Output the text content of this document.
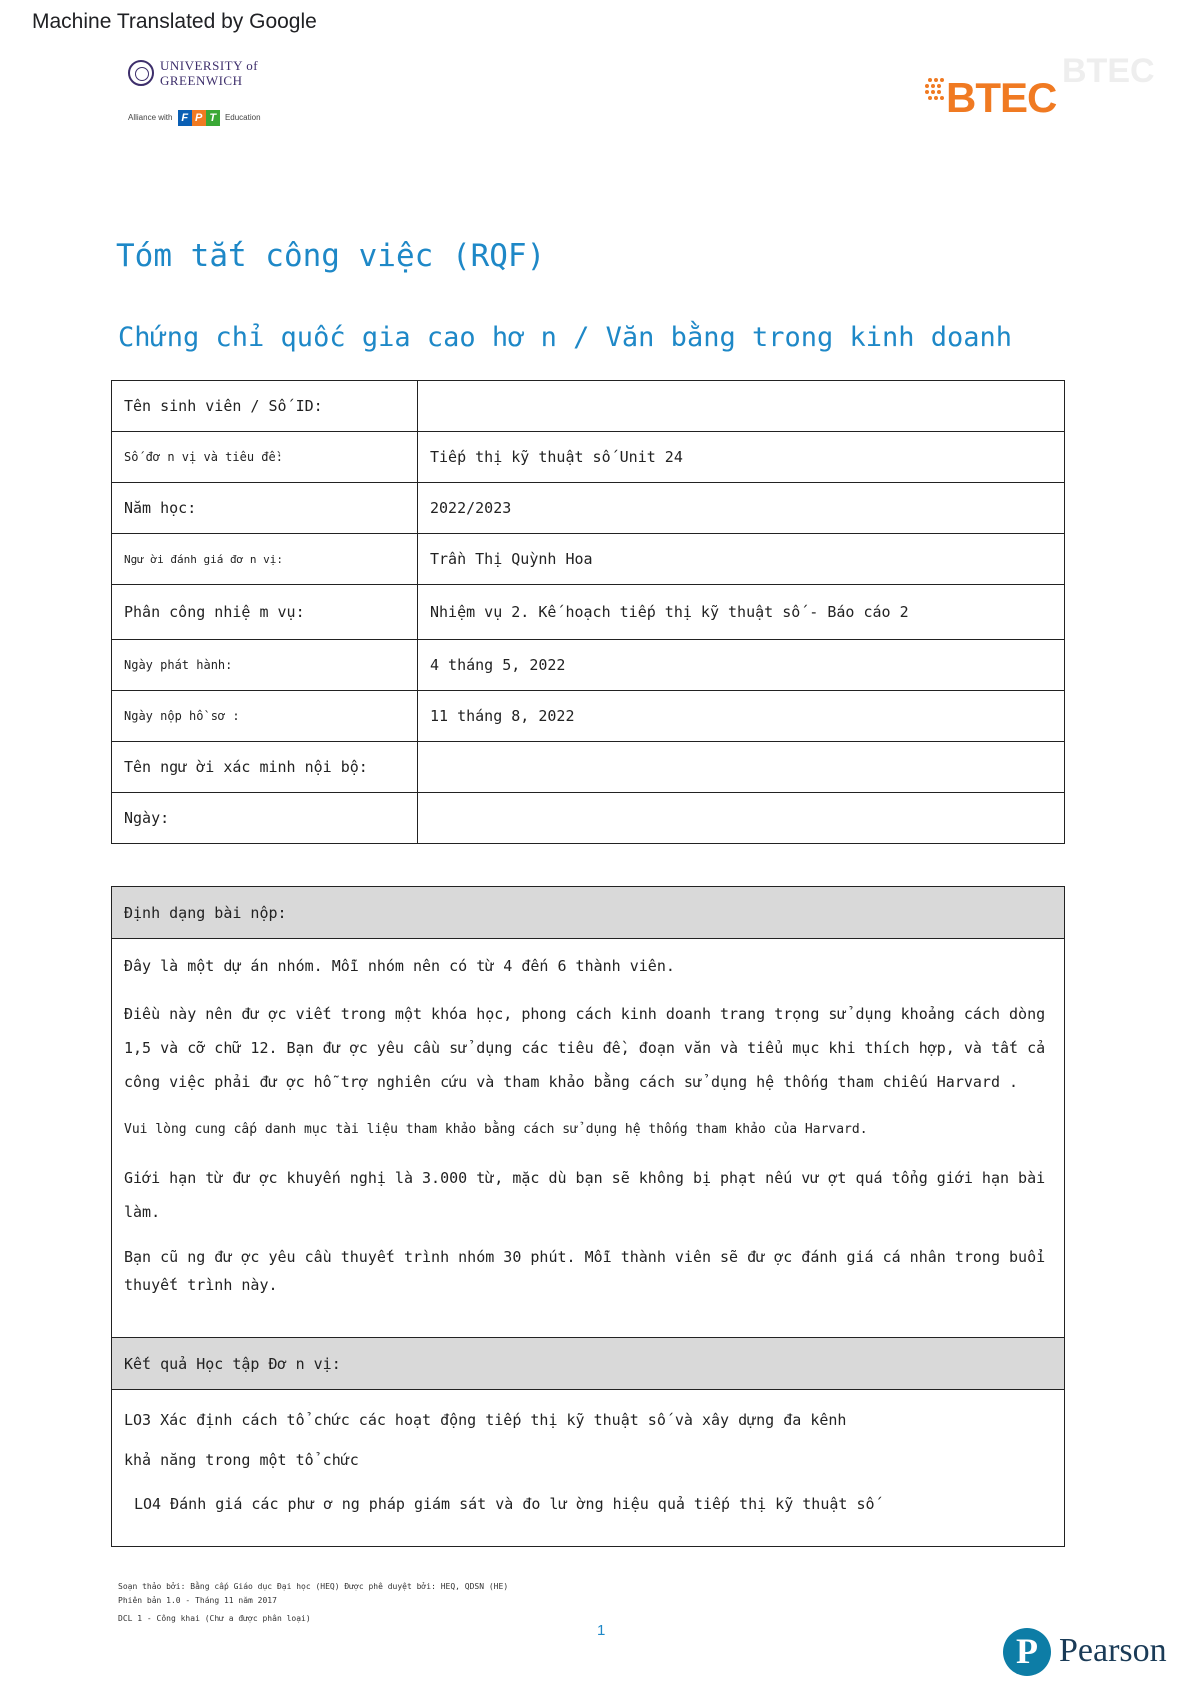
Machine Translated by Google
UNIVERSITY of
GREENWICH
Alliance with F P T Education
BTEC
BTEC
Tóm tắt công việc (RQF)
Chứng chỉ quốc gia cao hơ n / Văn bằng trong kinh doanh
Tên sinh viên / Số ID:	
Số đơ n vị và tiêu đề:	Tiếp thị kỹ thuật số Unit 24
Năm học:	2022/2023
Ngư ời đánh giá đơ n vị:	Trần Thị Quỳnh Hoa
Phân công nhiệ m vụ:	Nhiệm vụ 2. Kế hoạch tiếp thị kỹ thuật số - Báo cáo 2
Ngày phát hành:	4 tháng 5, 2022
Ngày nộp hồ sơ :	11 tháng 8, 2022
Tên ngư ời xác minh nội bộ:	
Ngày:	
Định dạng bài nộp:

Đây là một dự án nhóm. Mỗi nhóm nên có từ 4 đến 6 thành viên.

Điều này nên đư ợc viết trong một khóa học, phong cách kinh doanh trang trọng sử dụng khoảng cách dòng 1,5 và cỡ chữ 12. Bạn đư ợc yêu cầu sử dụng các tiêu đề, đoạn văn và tiểu mục khi thích hợp, và tất cả công việc phải đư ợc hỗ trợ nghiên cứu và tham khảo bằng cách sử dụng hệ thống tham chiếu Harvard .

Vui lòng cung cấp danh mục tài liệu tham khảo bằng cách sử dụng hệ thống tham khảo của Harvard.

Giới hạn từ đư ợc khuyến nghị là 3.000 từ, mặc dù bạn sẽ không bị phạt nếu vư ợt quá tổng giới hạn bài làm.

Bạn cũ ng đư ợc yêu cầu thuyết trình nhóm 30 phút. Mỗi thành viên sẽ đư ợc đánh giá cá nhân trong buổi thuyết trình này.

Kết quả Học tập Đơ n vị:

LO3 Xác định cách tổ chức các hoạt động tiếp thị kỹ thuật số và xây dựng đa kênh

khả năng trong một tổ chức

LO4 Đánh giá các phư ơ ng pháp giám sát và đo lư ờng hiệu quả tiếp thị kỹ thuật số

Soạn thảo bởi: Bằng cấp Giáo dục Đại học (HEQ) Được phê duyệt bởi: HEQ, QDSN (HE)
Phiên bản 1.0 - Tháng 11 năm 2017
DCL 1 - Công khai (Chư a được phân loại)
1
P Pearson
